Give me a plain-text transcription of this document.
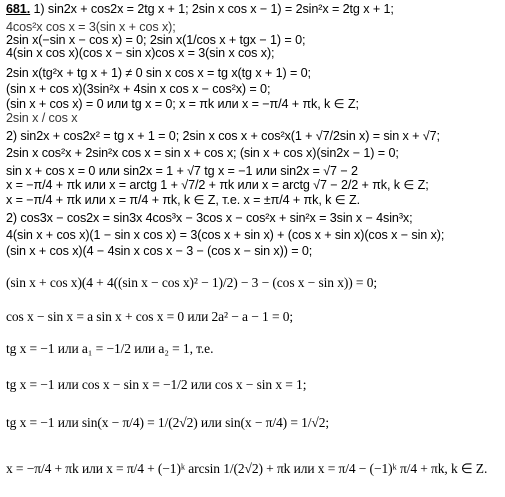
681. 1) sin2x + cos2x = 2tg x + 1; 2sin x cos x − 1) = 2sin²x = 2tg x + 1;
4cos²x cos x = 3(sin x + cos x);
2sin x(−sin x − cos x) = 0; 2sin x(1/cos x + tgx − 1) = 0;
4(sin x cos x)(cos x − sin x)cos x = 3(sin x cos x);
2sin x(tg²x + tg x + 1) ≠ 0 sin x cos x = tg x(tg x + 1) = 0;
(sin x + cos x)(3sin²x + 4sin x cos x − cos²x) = 0;
(sin x + cos x) = 0 или tg x = 0; x = πk или x = −π/4 + πk, k ∈ Z;
2sin x / cos x
2) sin2x + cos2x² = tg x + 1 = 0; 2sin x cos x + cos²x(1 + √7/2sin x) = sin x + √7;
2sin x cos²x + 2sin²x cos x = sin x + cos x; (sin x + cos x)(sin2x − 1) = 0;
sin x + cos x = 0 или sin2x = 1 + √7 tg x = −1 или sin2x = √7 − 2
x = −π/4 + πk или x = arctg 1 + √7/2 + πk или x = arctg √7 − 2/2 + πk, k ∈ Z;
x = −π/4 + πk или x = π/4 + πk, k ∈ Z, т.е. x = ±π/4 + πk, k ∈ Z.
2) cos3x − cos2x = sin3x 4cos³x − 3cos x − cos²x + sin²x = 3sin x − 4sin³x;
4(sin x + cos x)(1 − sin x cos x) = 3(cos x + sin x) + (cos x + sin x)(cos x − sin x);
(sin x + cos x)(4 − 4sin x cos x − 3 − (cos x − sin x)) = 0;
(sin x + cos x)(4 + 4((sin x − cos x)² − 1)/2) − 3 − (cos x − sin x)) = 0;
cos x − sin x = a sin x + cos x = 0 или 2a² − a − 1 = 0;
tg x = −1 или a₁ = −1/2 или a₂ = 1, т.е.
tg x = −1 или cos x − sin x = −1/2 или cos x − sin x = 1;
tg x = −1 или sin(x − π/4) = 1/(2√2) или sin(x − π/4) = 1/√2;
x = −π/4 + πk или x = π/4 + (−1)ᵏ arcsin 1/(2√2) + πk или x = π/4 − (−1)ᵏ π/4 + πk, k ∈ Z.
